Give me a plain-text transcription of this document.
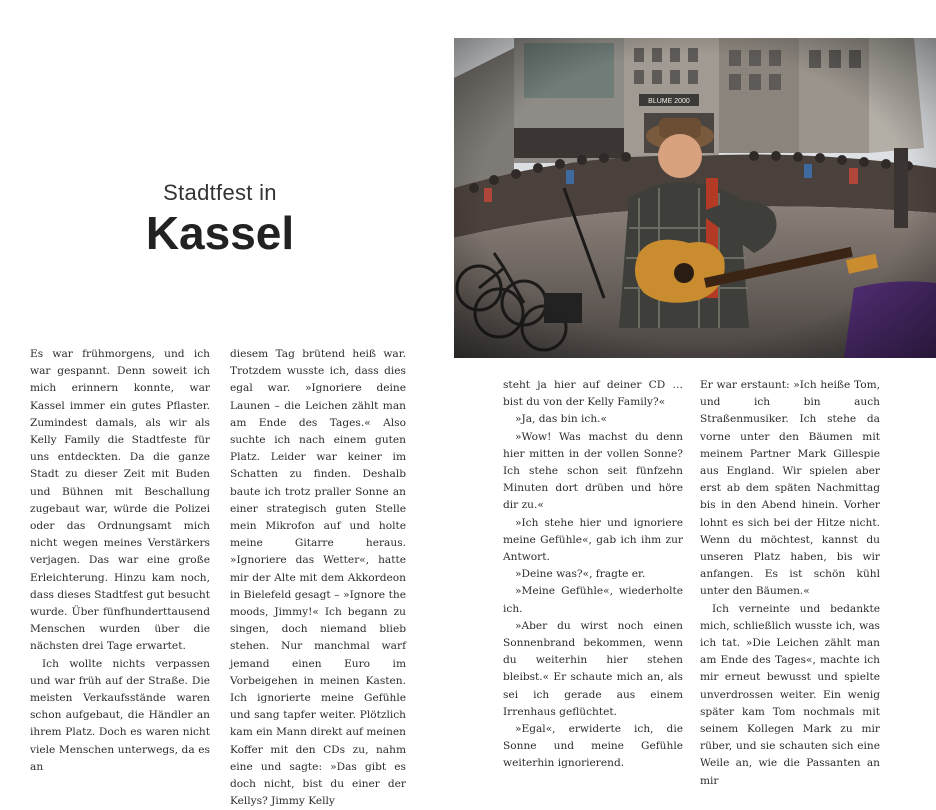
Stadtfest in
Kassel

Es war frühmorgens, und ich war gespannt. Denn soweit ich mich erinnern konnte, war Kassel immer ein gutes Pflaster. Zumindest damals, als wir als Kelly Family die Stadtfeste für uns entdeckten. Da die ganze Stadt zu dieser Zeit mit Buden und Bühnen mit Beschallung zugebaut war, würde die Polizei oder das Ordnungsamt mich nicht wegen meines Verstärkers verjagen. Das war eine große Erleichterung. Hinzu kam noch, dass dieses Stadtfest gut besucht wurde. Über fünfhunderttausend Menschen wurden über die nächsten drei Tage erwartet.

Ich wollte nichts verpassen und war früh auf der Straße. Die meisten Verkaufsstände waren schon aufgebaut, die Händler an ihrem Platz. Doch es waren nicht viele Menschen unterwegs, da es an

diesem Tag brütend heiß war. Trotzdem wusste ich, dass dies egal war. »Ignoriere deine Launen – die Leichen zählt man am Ende des Tages.« Also suchte ich nach einem guten Platz. Leider war keiner im Schatten zu finden. Deshalb baute ich trotz praller Sonne an einer strategisch guten Stelle mein Mikrofon auf und holte meine Gitarre heraus. »Ignoriere das Wetter«, hatte mir der Alte mit dem Akkordeon in Bielefeld gesagt – »Ignore the moods, Jimmy!« Ich begann zu singen, doch niemand blieb stehen. Nur manchmal warf jemand einen Euro im Vorbeigehen in meinen Kasten. Ich ignorierte meine Gefühle und sang tapfer weiter. Plötzlich kam ein Mann direkt auf meinen Koffer mit den CDs zu, nahm eine und sagte: »Das gibt es doch nicht, bist du einer der Kellys? Jimmy Kelly

steht ja hier auf deiner CD … bist du von der Kelly Family?«

»Ja, das bin ich.«

»Wow! Was machst du denn hier mitten in der vollen Sonne? Ich stehe schon seit fünfzehn Minuten dort drüben und höre dir zu.«

»Ich stehe hier und ignoriere meine Gefühle«, gab ich ihm zur Antwort.

»Deine was?«, fragte er.

»Meine Gefühle«, wiederholte ich.

»Aber du wirst noch einen Sonnenbrand bekommen, wenn du weiterhin hier stehen bleibst.« Er schaute mich an, als sei ich gerade aus einem Irrenhaus geflüchtet.

»Egal«, erwiderte ich, die Sonne und meine Gefühle weiterhin ignorierend.

Er war erstaunt: »Ich heiße Tom, und ich bin auch Straßenmusiker. Ich stehe da vorne unter den Bäumen mit meinem Partner Mark Gillespie aus England. Wir spielen aber erst ab dem späten Nachmittag bis in den Abend hinein. Vorher lohnt es sich bei der Hitze nicht. Wenn du möchtest, kannst du unseren Platz haben, bis wir anfangen. Es ist schön kühl unter den Bäumen.«

Ich verneinte und bedankte mich, schließlich wusste ich, was ich tat. »Die Leichen zählt man am Ende des Tages«, machte ich mir erneut bewusst und spielte unverdrossen weiter. Ein wenig später kam Tom nochmals mit seinem Kollegen Mark zu mir rüber, und sie schauten sich eine Weile an, wie die Passanten an mir
